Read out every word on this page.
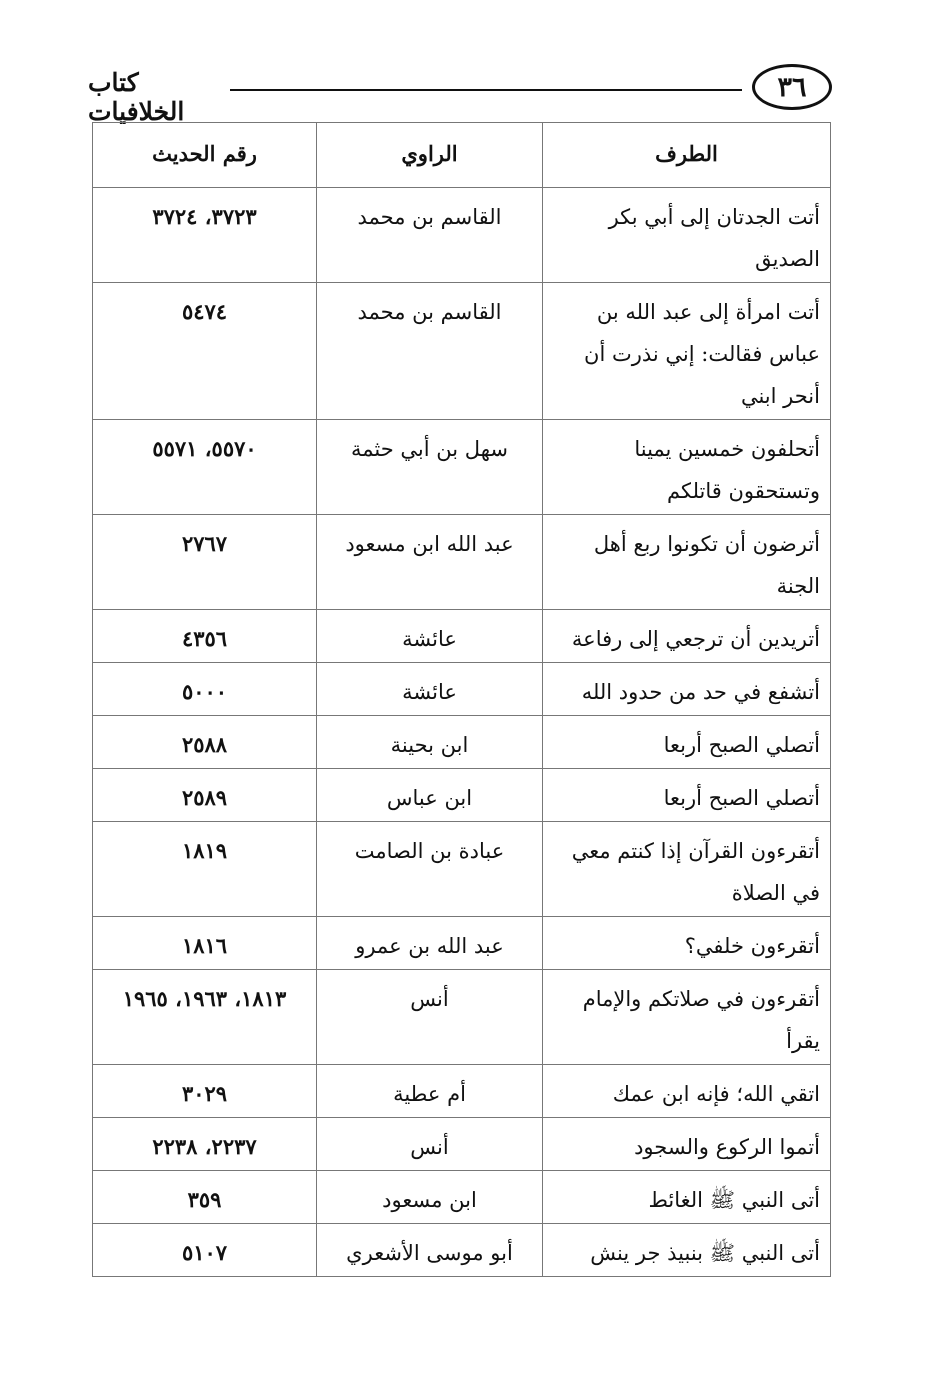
كتاب الخلافيات
٣٦
الطرف	الراوي	رقم الحديث
أتت الجدتان إلى أبي بكر الصديق	القاسم بن محمد	٣٧٢٣، ٣٧٢٤
أتت امرأة إلى عبد الله بن عباس فقالت: إني نذرت أن أنحر ابني	القاسم بن محمد	٥٤٧٤
أتحلفون خمسين يمينا وتستحقون قاتلكم	سهل بن أبي حثمة	٥٥٧٠، ٥٥٧١
أترضون أن تكونوا ربع أهل الجنة	عبد الله ابن مسعود	٢٧٦٧
أتريدين أن ترجعي إلى رفاعة	عائشة	٤٣٥٦
أتشفع في حد من حدود الله	عائشة	٥٠٠٠
أتصلي الصبح أربعا	ابن بحينة	٢٥٨٨
أتصلي الصبح أربعا	ابن عباس	٢٥٨٩
أتقرءون القرآن إذا كنتم معي في الصلاة	عبادة بن الصامت	١٨١٩
أتقرءون خلفي؟	عبد الله بن عمرو	١٨١٦
أتقرءون في صلاتكم والإمام يقرأ	أنس	١٨١٣، ١٩٦٣، ١٩٦٥
اتقي الله؛ فإنه ابن عمك	أم عطية	٣٠٢٩
أتموا الركوع والسجود	أنس	٢٢٣٧، ٢٢٣٨
أتى النبي ﷺ الغائط	ابن مسعود	٣٥٩
أتى النبي ﷺ بنبيذ جر ينش	أبو موسى الأشعري	٥١٠٧
